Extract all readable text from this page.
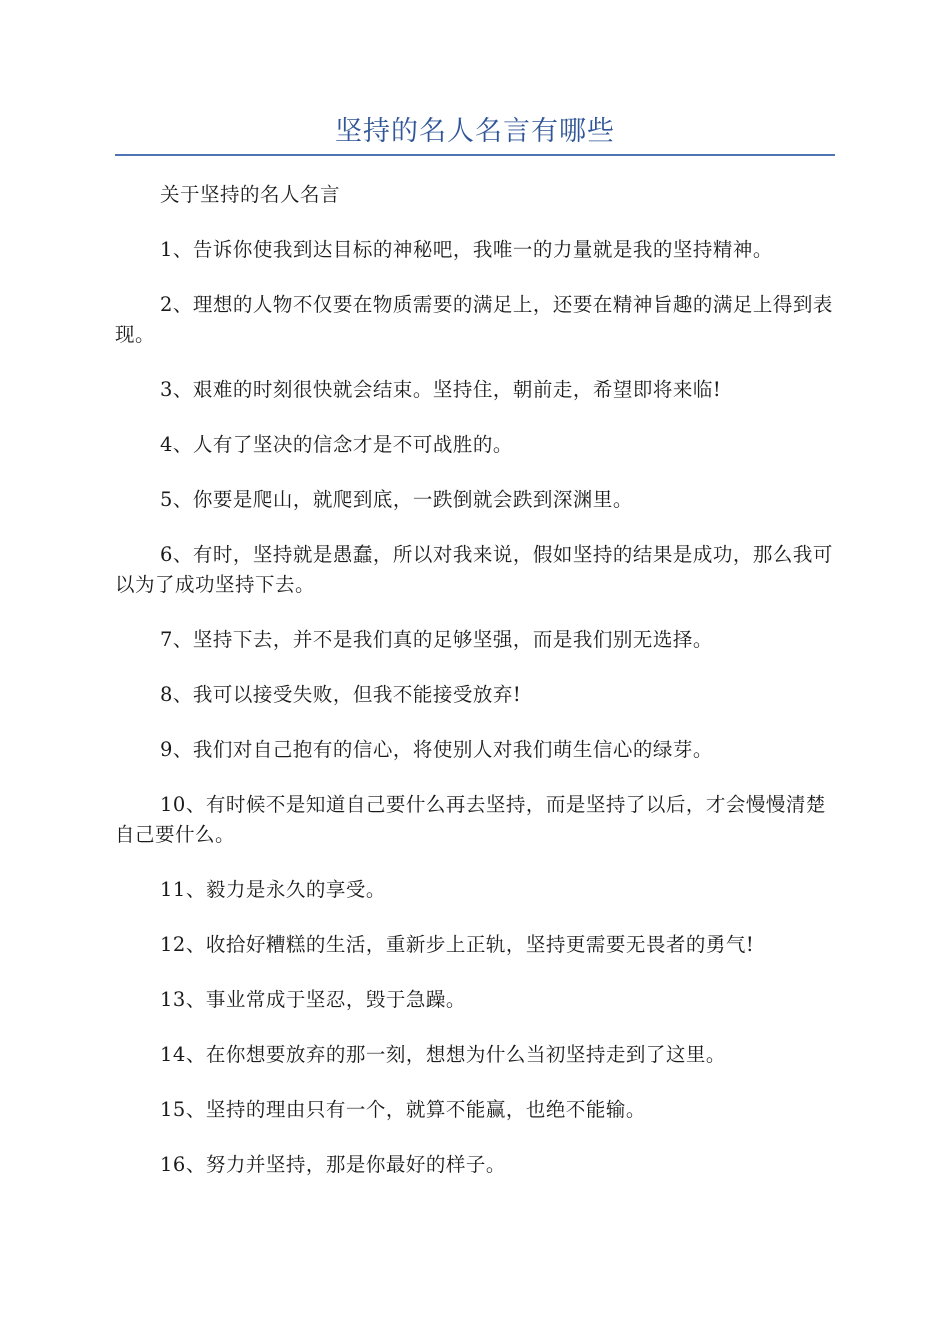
坚持的名人名言有哪些

关于坚持的名人名言

1、告诉你使我到达目标的神秘吧，我唯一的力量就是我的坚持精神。

2、理想的人物不仅要在物质需要的满足上，还要在精神旨趣的满足上得到表现。

3、艰难的时刻很快就会结束。坚持住，朝前走，希望即将来临!

4、人有了坚决的信念才是不可战胜的。

5、你要是爬山，就爬到底，一跌倒就会跌到深渊里。

6、有时，坚持就是愚蠢，所以对我来说，假如坚持的结果是成功，那么我可以为了成功坚持下去。

7、坚持下去，并不是我们真的足够坚强，而是我们别无选择。

8、我可以接受失败，但我不能接受放弃!

9、我们对自己抱有的信心，将使别人对我们萌生信心的绿芽。

10、有时候不是知道自己要什么再去坚持，而是坚持了以后，才会慢慢清楚自己要什么。

11、毅力是永久的享受。

12、收拾好糟糕的生活，重新步上正轨，坚持更需要无畏者的勇气!

13、事业常成于坚忍，毁于急躁。

14、在你想要放弃的那一刻，想想为什么当初坚持走到了这里。

15、坚持的理由只有一个，就算不能赢，也绝不能输。

16、努力并坚持，那是你最好的样子。
